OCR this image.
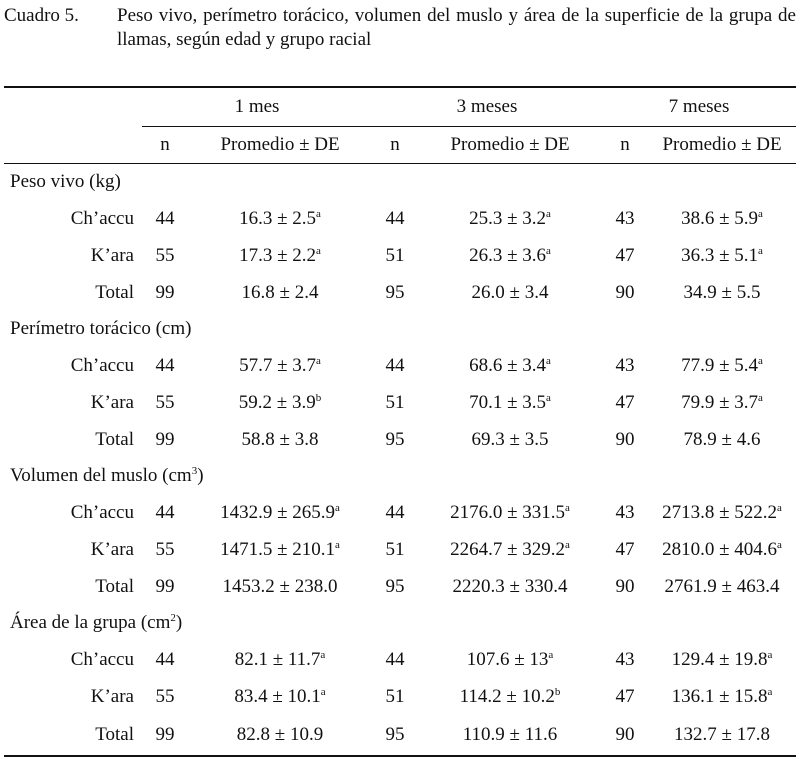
Cuadro 5. Peso vivo, perímetro torácico, volumen del muslo y área de la superficie de la grupa de llamas, según edad y grupo racial
	1 mes		3 meses		7 meses	
	n	Promedio ± DE	n	Promedio ± DE	n	Promedio ± DE
Peso vivo (kg)						
Ch’accu	44	16.3 ± 2.5$^a$	44	25.3 ± 3.2$^a$	43	38.6 ± 5.9$^a$
K’ara	55	17.3 ± 2.2$^a$	51	26.3 ± 3.6$^a$	47	36.3 ± 5.1$^a$
Total	99	16.8 ± 2.4	95	26.0 ± 3.4	90	34.9 ± 5.5
Perímetro torácico (cm)						
Ch’accu	44	57.7 ± 3.7$^a$	44	68.6 ± 3.4$^a$	43	77.9 ± 5.4$^a$
K’ara	55	59.2 ± 3.9$^b$	51	70.1 ± 3.5$^a$	47	79.9 ± 3.7$^a$
Total	99	58.8 ± 3.8	95	69.3 ± 3.5	90	78.9 ± 4.6
Volumen del muslo $(cm^3)$						
Ch’accu	44	1432.9 ± 265.9$^a$	44	2176.0 ± 331.5$^a$	43	2713.8 ± 522.2$^a$
K’ara	55	1471.5 ± 210.1$^a$	51	2264.7 ± 329.2$^a$	47	2810.0 ± 404.6$^a$
Total	99	1453.2 ± 238.0	95	2220.3 ± 330.4	90	2761.9 ± 463.4
Área de la grupa $(cm^2)$						
Ch’accu	44	82.1 ± 11.7$^a$	44	$107.6 \pm 13^a$	43	129.4 ± 19.8$^a$
K’ara	55	83.4 ± 10.1$^a$	51	114.2 ± 10.2$^b$	47	136.1 ± 15.8$^a$
Total	99	82.8 ± 10.9	95	110.9 ± 11.6	90	132.7 ± 17.8
